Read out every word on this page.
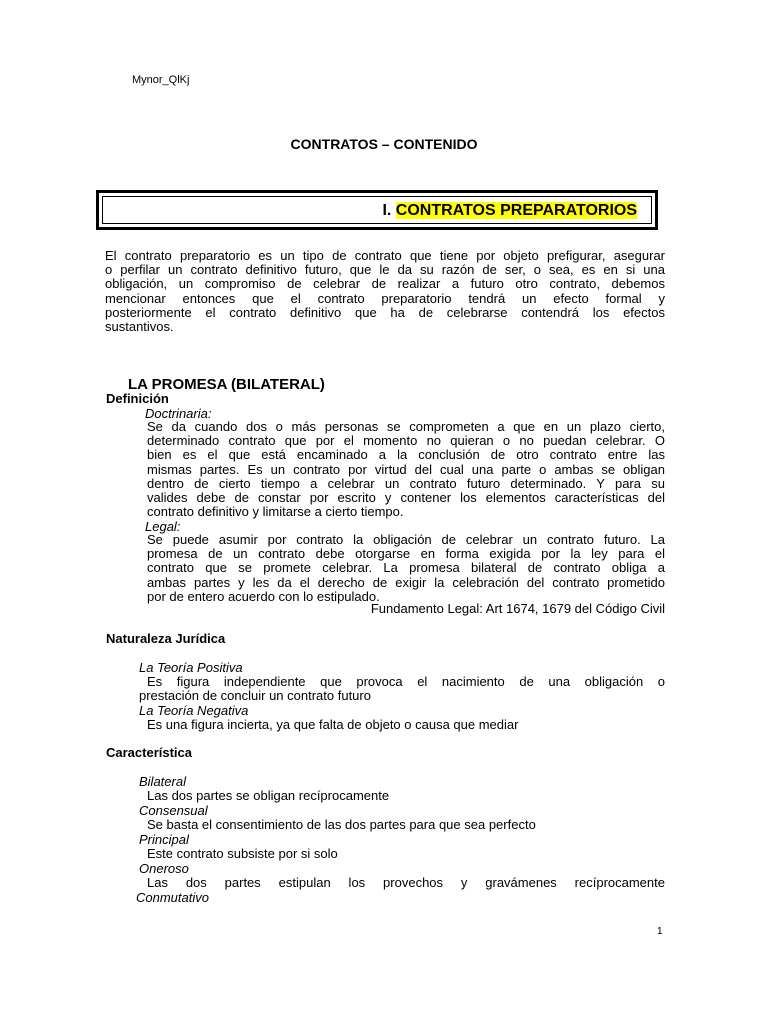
Mynor_QlKj
CONTRATOS – CONTENIDO
I. CONTRATOS PREPARATORIOS
El contrato preparatorio es un tipo de contrato que tiene por objeto prefigurar, asegurar
o perfilar un contrato definitivo futuro, que le da su razón de ser, o sea, es en si una
obligación, un compromiso de celebrar de realizar a futuro otro contrato, debemos
mencionar entonces que el contrato preparatorio tendrá un efecto formal y
posteriormente el contrato definitivo que ha de celebrarse contendrá los efectos
sustantivos.
LA PROMESA (BILATERAL)
Definición
Doctrinaria:
Se da cuando dos o más personas se comprometen a que en un plazo cierto,
determinado contrato que por el momento no quieran o no puedan celebrar. O
bien es el que está encaminado a la conclusión de otro contrato entre las
mismas partes. Es un contrato por virtud del cual una parte o ambas se obligan
dentro de cierto tiempo a celebrar un contrato futuro determinado. Y para su
valides debe de constar por escrito y contener los elementos características del
contrato definitivo y limitarse a cierto tiempo.
Legal:
Se puede asumir por contrato la obligación de celebrar un contrato futuro. La
promesa de un contrato debe otorgarse en forma exigida por la ley para el
contrato que se promete celebrar. La promesa bilateral de contrato obliga a
ambas partes y les da el derecho de exigir la celebración del contrato prometido
por de entero acuerdo con lo estipulado.
Fundamento Legal: Art 1674, 1679 del Código Civil
Naturaleza Jurídica
La Teoría Positiva
Es figura independiente que provoca el nacimiento de una obligación o
prestación de concluir un contrato futuro
La Teoría Negativa
Es una figura incierta, ya que falta de objeto o causa que mediar
Característica
Bilateral
Las dos partes se obligan recíprocamente
Consensual
Se basta el consentimiento de las dos partes para que sea perfecto
Principal
Este contrato subsiste por si solo
Oneroso
Las dos partes estipulan los provechos y gravámenes recíprocamente
Conmutativo
1
